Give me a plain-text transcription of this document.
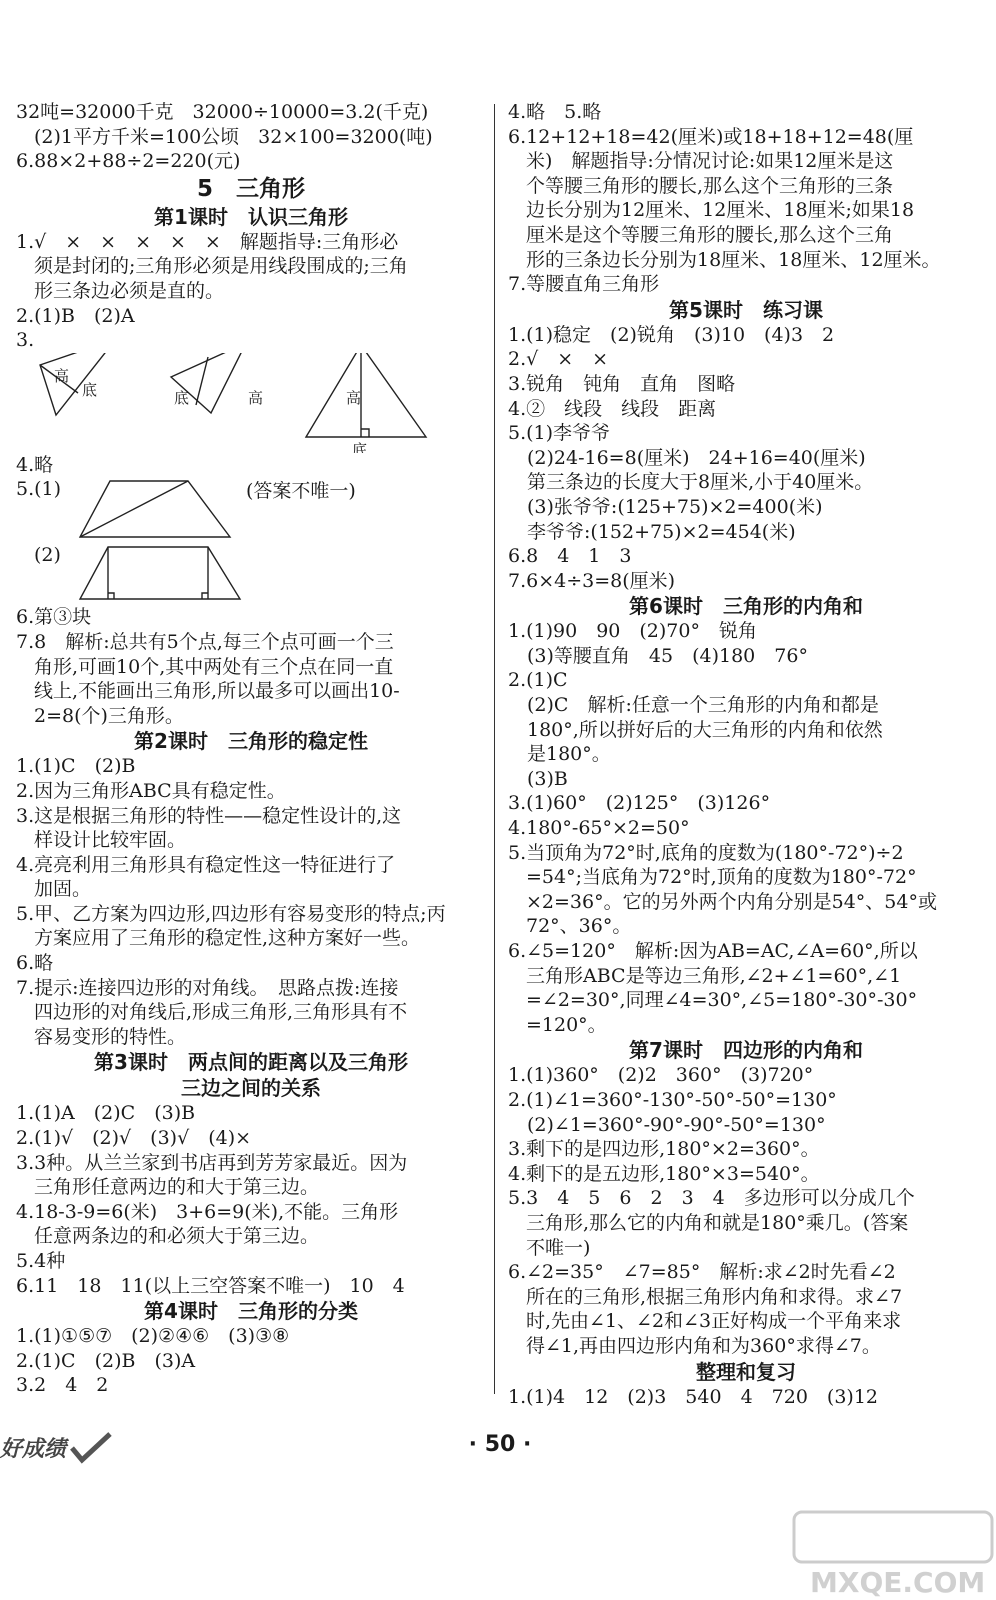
32吨=32000千克　32000÷10000=3.2(千克)
(2)1平方千米=100公顷　32×100=3200(吨)
6.88×2+88÷2=220(元)
5　三角形
第1课时　认识三角形
1.√　×　×　×　×　×　解题指导:三角形必
须是封闭的;三角形必须是用线段围成的;三角
形三条边必须是直的。
2.(1)B　(2)A
3.
高
底	底	高	高
底
4.略
5.(1)	(答案不唯一)
(2)
6.第③块
7.8　解析:总共有5个点,每三个点可画一个三
角形,可画10个,其中两处有三个点在同一直
线上,不能画出三角形,所以最多可以画出10-
2=8(个)三角形。
第2课时　三角形的稳定性
1.(1)C　(2)B
2.因为三角形ABC具有稳定性。
3.这是根据三角形的特性——稳定性设计的,这
样设计比较牢固。
4.亮亮利用三角形具有稳定性这一特征进行了
加固。
5.甲、乙方案为四边形,四边形有容易变形的特点;丙
方案应用了三角形的稳定性,这种方案好一些。
6.略
7.提示:连接四边形的对角线。　思路点拨:连接
四边形的对角线后,形成三角形,三角形具有不
容易变形的特性。
第3课时　两点间的距离以及三角形
三边之间的关系
1.(1)A　(2)C　(3)B
2.(1)√　(2)√　(3)√　(4)×
3.3种。从兰兰家到书店再到芳芳家最近。因为
三角形任意两边的和大于第三边。
4.18-3-9=6(米)　3+6=9(米),不能。三角形
任意两条边的和必须大于第三边。
5.4种
6.11　18　11(以上三空答案不唯一)　10　4
第4课时　三角形的分类
1.(1)①⑤⑦　(2)②④⑥　(3)③⑧
2.(1)C　(2)B　(3)A
3.2　4　2
4.略　5.略
6.12+12+18=42(厘米)或18+18+12=48(厘
米)　解题指导:分情况讨论:如果12厘米是这
个等腰三角形的腰长,那么这个三角形的三条
边长分别为12厘米、12厘米、18厘米;如果18
厘米是这个等腰三角形的腰长,那么这个三角
形的三条边长分别为18厘米、18厘米、12厘米。
7.等腰直角三角形
第5课时　练习课
1.(1)稳定　(2)锐角　(3)10　(4)3　2
2.√　×　×
3.锐角　钝角　直角　图略
4.②　线段　线段　距离
5.(1)李爷爷
　(2)24-16=8(厘米)　24+16=40(厘米)
　第三条边的长度大于8厘米,小于40厘米。
　(3)张爷爷:(125+75)×2=400(米)
　李爷爷:(152+75)×2=454(米)
6.8　4　1　3
7.6×4÷3=8(厘米)
第6课时　三角形的内角和
1.(1)90　90　(2)70°　锐角
　(3)等腰直角　45　(4)180　76°
2.(1)C
　(2)C　解析:任意一个三角形的内角和都是
　180°,所以拼好后的大三角形的内角和依然
　是180°。
　(3)B
3.(1)60°　(2)125°　(3)126°
4.180°-65°×2=50°
5.当顶角为72°时,底角的度数为(180°-72°)÷2
=54°;当底角为72°时,顶角的度数为180°-72°
×2=36°。它的另外两个内角分别是54°、54°或
72°、36°。
6.∠5=120°　解析:因为AB=AC,∠A=60°,所以
三角形ABC是等边三角形,∠2+∠1=60°,∠1
=∠2=30°,同理∠4=30°,∠5=180°-30°-30°
=120°。
第7课时　四边形的内角和
1.(1)360°　(2)2　360°　(3)720°
2.(1)∠1=360°-130°-50°-50°=130°
　(2)∠1=360°-90°-90°-50°=130°
3.剩下的是四边形,180°×2=360°。
4.剩下的是五边形,180°×3=540°。
5.3　4　5　6　2　3　4　多边形可以分成几个
三角形,那么它的内角和就是180°乘几。(答案
不唯一)
6.∠2=35°　∠7=85°　解析:求∠2时先看∠2
所在的三角形,根据三角形内角和求得。求∠7
时,先由∠1、∠2和∠3正好构成一个平角来求
得∠1,再由四边形内角和为360°求得∠7。
整理和复习
1.(1)4　12　(2)3　540　4　720　(3)12
好成绩	· 50 ·
MXQE.COM
